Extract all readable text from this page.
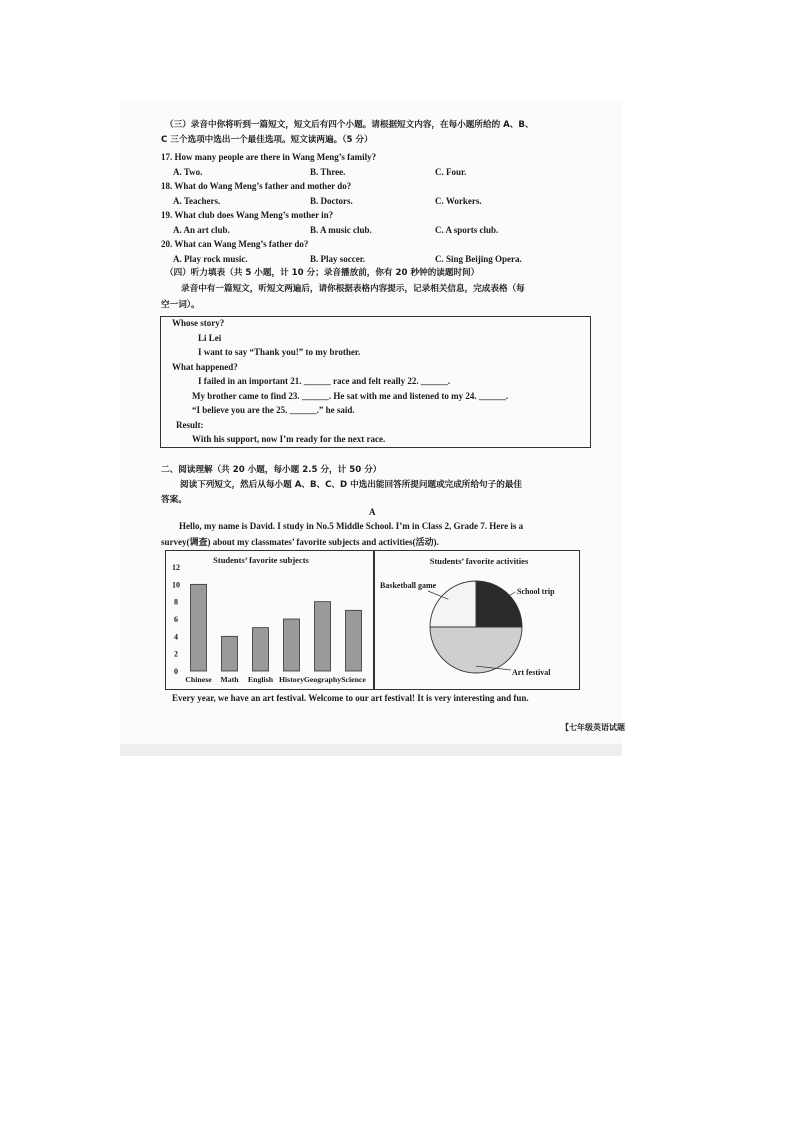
（三）录音中你将听到一篇短文，短文后有四个小题。请根据短文内容，在每小题所给的 A、B、
C 三个选项中选出一个最佳选项。短文读两遍。（5 分）
17. How many people are there in Wang Meng’s family?
A. Two.	B. Three.	C. Four.
18. What do Wang Meng’s father and mother do?
A. Teachers.	B. Doctors.	C. Workers.
19. What club does Wang Meng’s mother in?
A. An art club.	B. A music club.	C. A sports club.
20. What can Wang Meng’s father do?
A. Play rock music.	B. Play soccer.	C. Sing Beijing Opera.
（四）听力填表（共 5 小题，计 10 分；录音播放前，你有 20 秒钟的读题时间）
录音中有一篇短文，听短文两遍后，请你根据表格内容提示，记录相关信息，完成表格（每
空一词）。
Whose story?
Li Lei
I want to say “Thank you!” to my brother.
What happened?
I failed in an important 21. ______ race and felt really 22. ______.
My brother came to find 23. ______. He sat with me and listened to my 24. ______.
“I believe you are the 25. ______.” he said.
Result:
With his support, now I’m ready for the next race.
二、阅读理解（共 20 小题，每小题 2.5 分，计 50 分）
阅读下列短文，然后从每小题 A、B、C、D 中选出能回答所提问题或完成所给句子的最佳
答案。
A
Hello, my name is David. I study in No.5 Middle School. I’m in Class 2, Grade 7. Here is a
survey(调查) about my classmates’ favorite subjects and activities(活动).
Students’ favorite subjects
0
2
4
6
8
10
12
Chinese Math English History Geography Science
Students’ favorite activities
School trip
Art festival
Basketball game
Every year, we have an art festival. Welcome to our art festival! It is very interesting and fun.
【七年级英语试题
